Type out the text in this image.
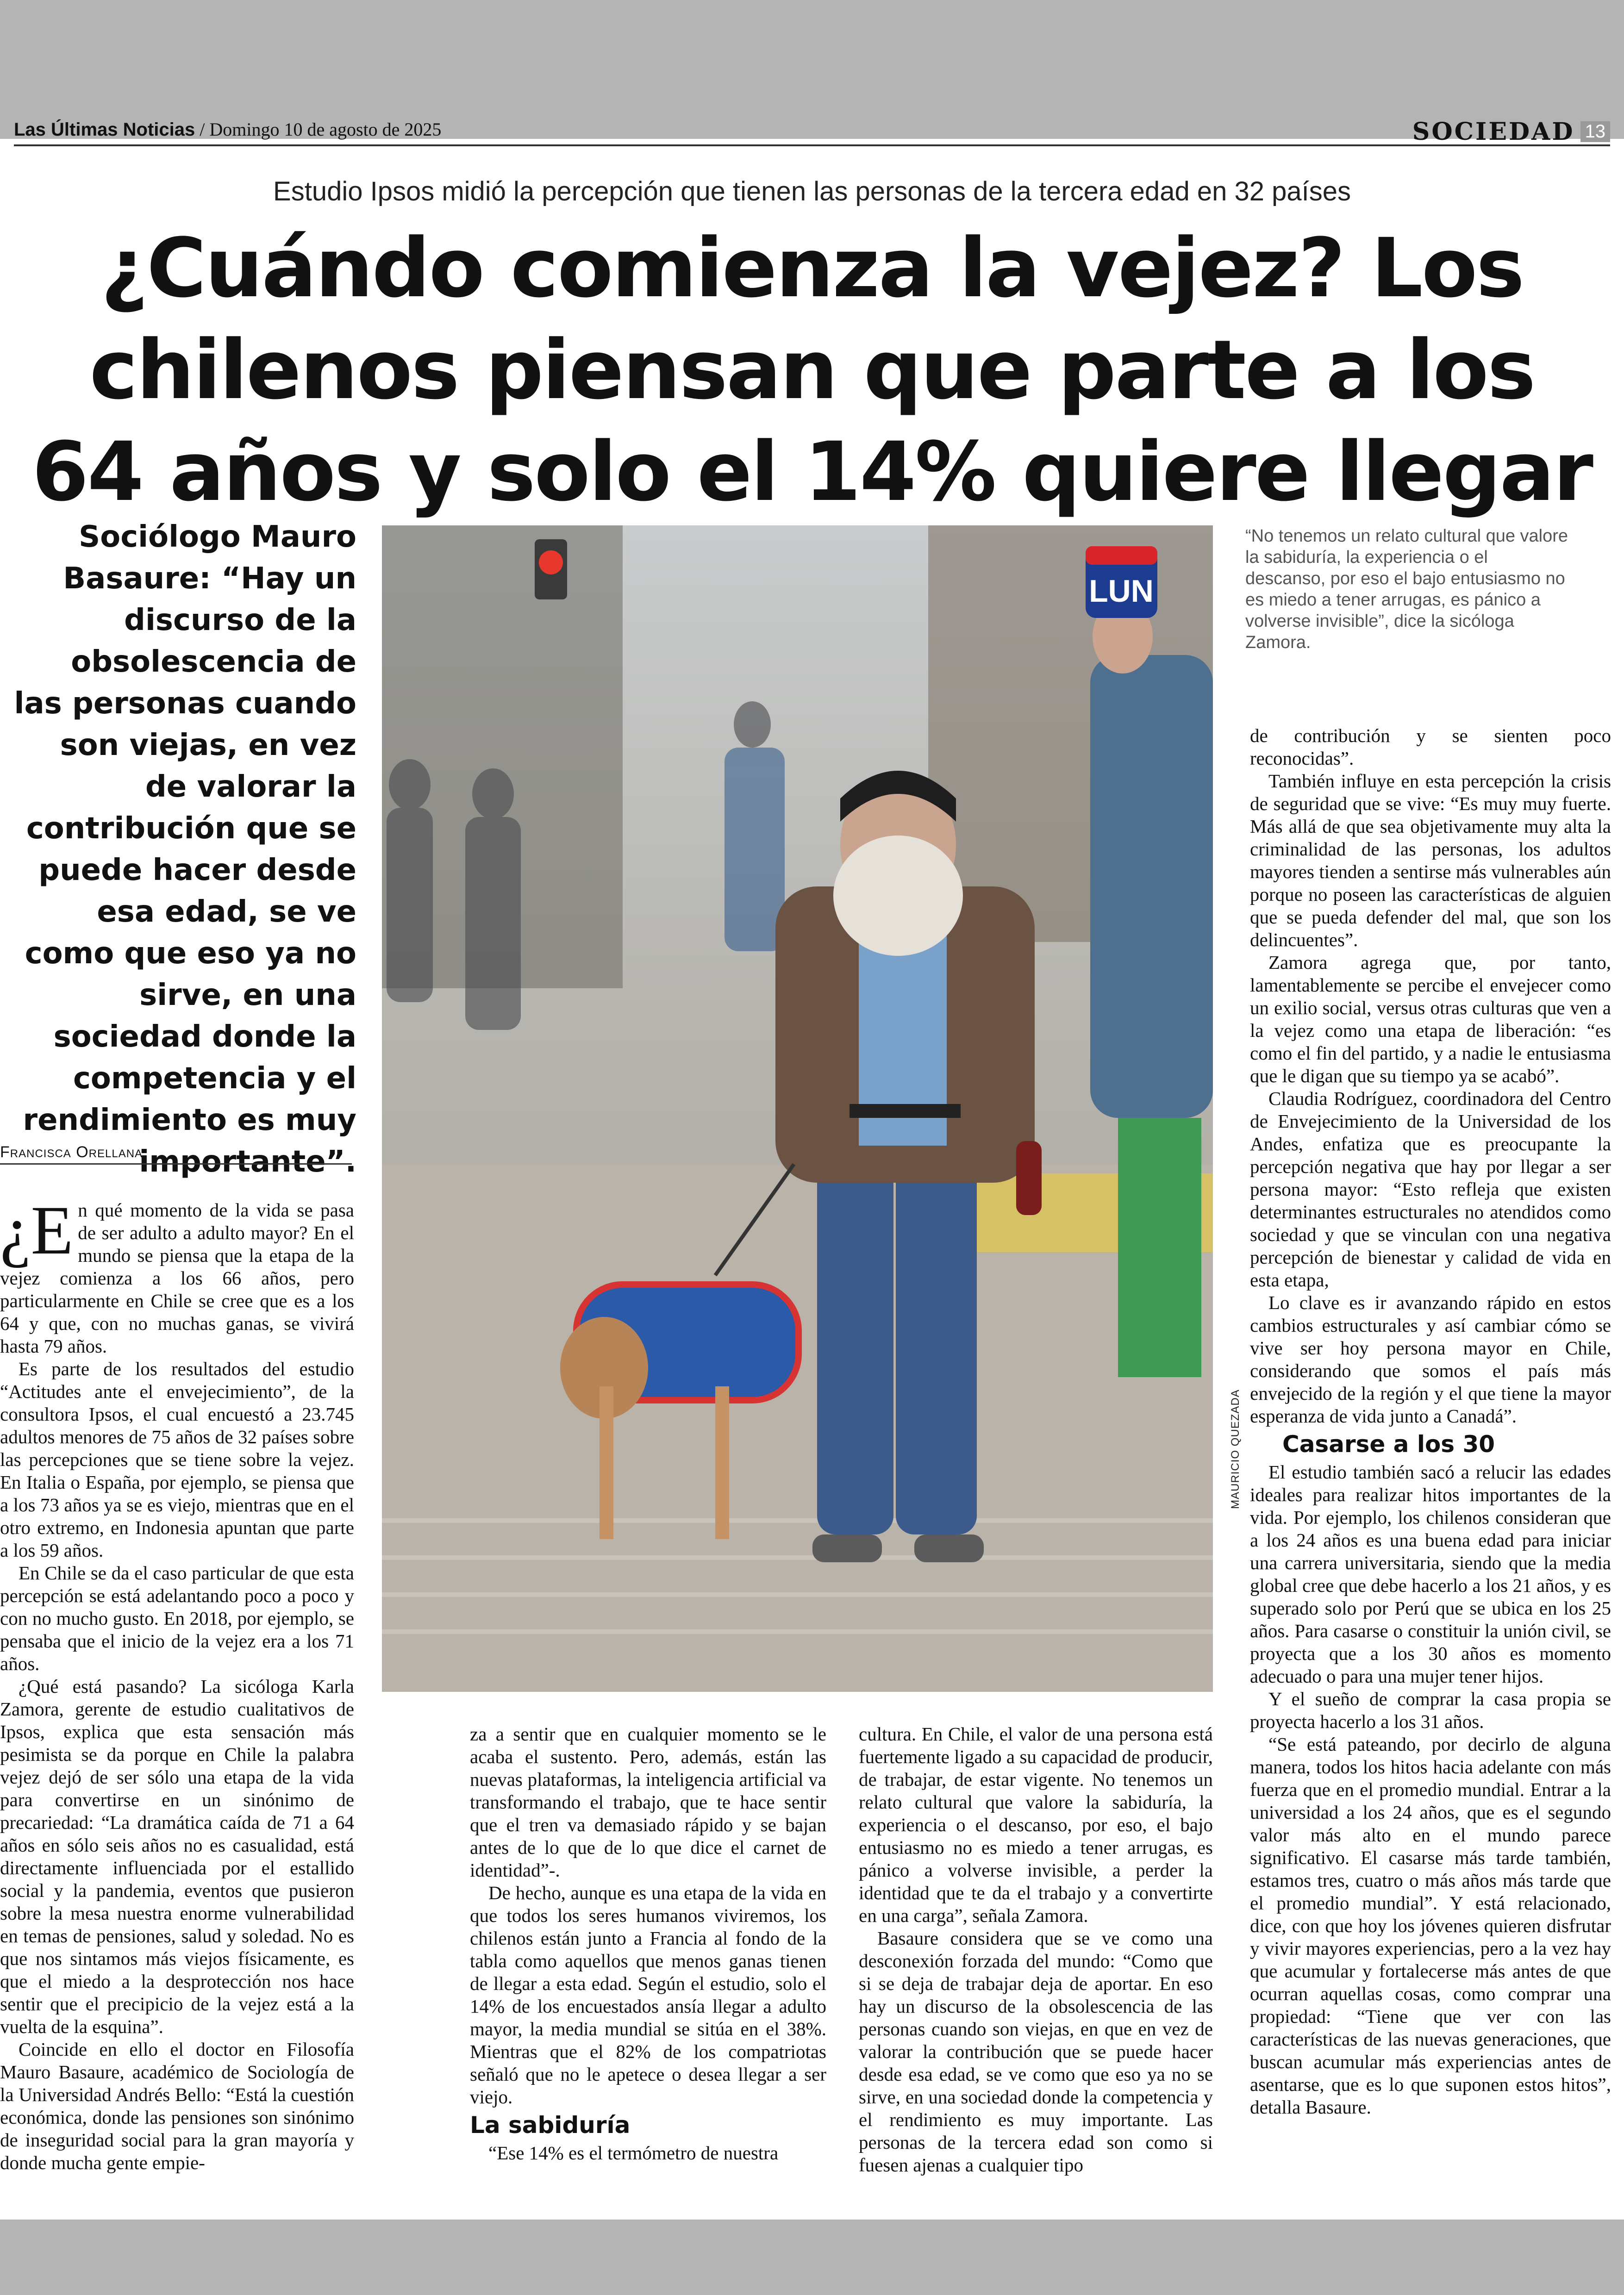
Las Últimas Noticias / Domingo 10 de agosto de 2025	SOCIEDAD 13
Estudio Ipsos midió la percepción que tienen las personas de la tercera edad en 32 países
¿Cuándo comienza la vejez? Los chilenos piensan que parte a los 64 años y solo el 14% quiere llegar
Sociólogo Mauro Basaure: “Hay un discurso de la obsolescencia de las personas cuando son viejas, en vez de valorar la contribución que se puede hacer desde esa edad, se ve como que eso ya no sirve, en una sociedad donde la competencia y el rendimiento es muy importante”.
Francisca Orellana

¿E n qué momento de la vida se pasa de ser adulto a adulto mayor? En el mundo se piensa que la etapa de la vejez comienza a los 66 años, pero particularmente en Chile se cree que es a los 64 y que, con no muchas ganas, se vivirá hasta 79 años.

Es parte de los resultados del estudio “Actitudes ante el envejecimiento”, de la consultora Ipsos, el cual encuestó a 23.745 adultos menores de 75 años de 32 países sobre las percepciones que se tiene sobre la vejez. En Italia o España, por ejemplo, se piensa que a los 73 años ya se es viejo, mientras que en el otro extremo, en Indonesia apuntan que parte a los 59 años.

En Chile se da el caso particular de que esta percepción se está adelantando poco a poco y con no mucho gusto. En 2018, por ejemplo, se pensaba que el inicio de la vejez era a los 71 años.

¿Qué está pasando? La sicóloga Karla Zamora, gerente de estudio cualitativos de Ipsos, explica que esta sensación más pesimista se da porque en Chile la palabra vejez dejó de ser sólo una etapa de la vida para convertirse en un sinónimo de precariedad: “La dramática caída de 71 a 64 años en sólo seis años no es casualidad, está directamente influenciada por el estallido social y la pandemia, eventos que pusieron sobre la mesa nuestra enorme vulnerabilidad en temas de pensiones, salud y soledad. No es que nos sintamos más viejos físicamente, es que el miedo a la desprotección nos hace sentir que el precipicio de la vejez está a la vuelta de la esquina”.

Coincide en ello el doctor en Filosofía Mauro Basaure, académico de Sociología de la Universidad Andrés Bello: “Está la cuestión económica, donde las pensiones son sinónimo de inseguridad social para la gran mayoría y donde mucha gente empie-

za a sentir que en cualquier momento se le acaba el sustento. Pero, además, están las nuevas plataformas, la inteligencia artificial va transformando el trabajo, que te hace sentir que el tren va demasiado rápido y se bajan antes de lo que de lo que dice el carnet de identidad”-.

De hecho, aunque es una etapa de la vida en que todos los seres humanos viviremos, los chilenos están junto a Francia al fondo de la tabla como aquellos que menos ganas tienen de llegar a esta edad. Según el estudio, solo el 14% de los encuestados ansía llegar a adulto mayor, la media mundial se sitúa en el 38%. Mientras que el 82% de los compatriotas señaló que no le apetece o desea llegar a ser viejo.

La sabiduría

“Ese 14% es el termómetro de nuestra

cultura. En Chile, el valor de una persona está fuertemente ligado a su capacidad de producir, de trabajar, de estar vigente. No tenemos un relato cultural que valore la sabiduría, la experiencia o el descanso, por eso, el bajo entusiasmo no es miedo a tener arrugas, es pánico a volverse invisible, a perder la identidad que te da el trabajo y a convertirte en una carga”, señala Zamora.

Basaure considera que se ve como una desconexión forzada del mundo: “Como que si se deja de trabajar deja de aportar. En eso hay un discurso de la obsolescencia de las personas cuando son viejas, en que en vez de valorar la contribución que se puede hacer desde esa edad, se ve como que eso ya no se sirve, en una sociedad donde la competencia y el rendimiento es muy importante. Las personas de la tercera edad son como si fuesen ajenas a cualquier tipo

de contribución y se sienten poco reconocidas”.

También influye en esta percepción la crisis de seguridad que se vive: “Es muy muy fuerte. Más allá de que sea objetivamente muy alta la criminalidad de las personas, los adultos mayores tienden a sentirse más vulnerables aún porque no poseen las características de alguien que se pueda defender del mal, que son los delincuentes”.

Zamora agrega que, por tanto, lamentablemente se percibe el envejecer como un exilio social, versus otras culturas que ven a la vejez como una etapa de liberación: “es como el fin del partido, y a nadie le entusiasma que le digan que su tiempo ya se acabó”.

Claudia Rodríguez, coordinadora del Centro de Envejecimiento de la Universidad de los Andes, enfatiza que es preocupante la percepción negativa que hay por llegar a ser persona mayor: “Esto refleja que existen determinantes estructurales no atendidos como sociedad y que se vinculan con una negativa percepción de bienestar y calidad de vida en esta etapa,

Lo clave es ir avanzando rápido en estos cambios estructurales y así cambiar cómo se vive ser hoy persona mayor en Chile, considerando que somos el país más envejecido de la región y el que tiene la mayor esperanza de vida junto a Canadá”.

Casarse a los 30

El estudio también sacó a relucir las edades ideales para realizar hitos importantes de la vida. Por ejemplo, los chilenos consideran que a los 24 años es una buena edad para iniciar una carrera universitaria, siendo que la media global cree que debe hacerlo a los 21 años, y es superado solo por Perú que se ubica en los 25 años. Para casarse o constituir la unión civil, se proyecta que a los 30 años es momento adecuado o para una mujer tener hijos.

Y el sueño de comprar la casa propia se proyecta hacerlo a los 31 años.

“Se está pateando, por decirlo de alguna manera, todos los hitos hacia adelante con más fuerza que en el promedio mundial. Entrar a la universidad a los 24 años, que es el segundo valor más alto en el mundo parece significativo. El casarse más tarde también, estamos tres, cuatro o más años más tarde que el promedio mundial”. Y está relacionado, dice, con que hoy los jóvenes quieren disfrutar y vivir mayores experiencias, pero a la vez hay que acumular y fortalecerse más antes de que ocurran aquellas cosas, como comprar una propiedad: “Tiene que ver con las características de las nuevas generaciones, que buscan acumular más experiencias antes de asentarse, que es lo que suponen estos hitos”, detalla Basaure.

LUN
“No tenemos un relato cultural que valore la sabiduría, la experiencia o el descanso, por eso el bajo entusiasmo no es miedo a tener arrugas, es pánico a volverse invisible”, dice la sicóloga Zamora.
MAURICIO QUEZADA
